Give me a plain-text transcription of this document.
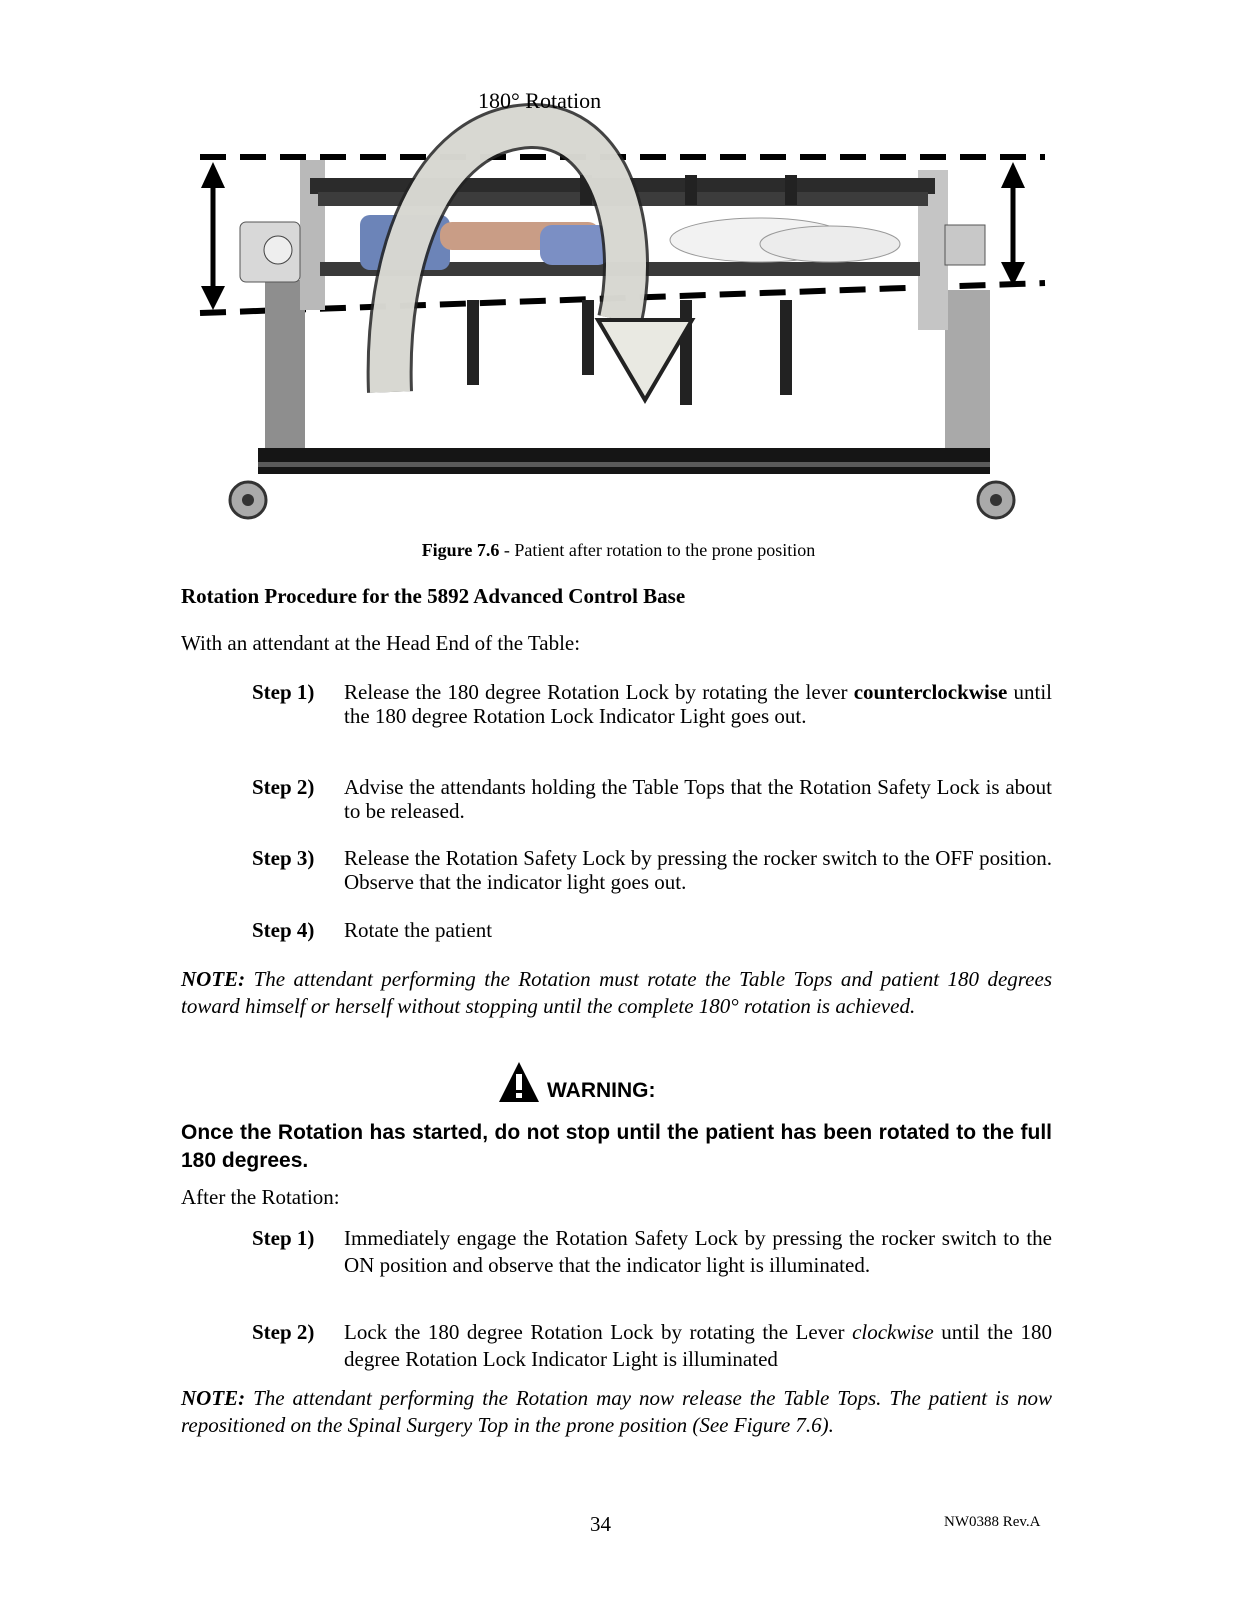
180° Rotation
Figure 7.6 - Patient after rotation to the prone position
Rotation Procedure for the 5892 Advanced Control Base
With an attendant at the Head End of the Table:
Step 1)	Release the 180 degree Rotation Lock by rotating the lever counterclockwise until the 180 degree Rotation Lock Indicator Light goes out.
Step 2)	Advise the attendants holding the Table Tops that the Rotation Safety Lock is about to be released.
Step 3)	Release the Rotation Safety Lock by pressing the rocker switch to the OFF position. Observe that the indicator light goes out.
Step 4)	Rotate the patient
NOTE: The attendant performing the Rotation must rotate the Table Tops and patient 180 degrees toward himself or herself without stopping until the complete 180° rotation is achieved.
WARNING:
Once the Rotation has started, do not stop until the patient has been rotated to the full 180 degrees.
After the Rotation:
Step 1)	Immediately engage the Rotation Safety Lock by pressing the rocker switch to the ON position and observe that the indicator light is illuminated.
Step 2)	Lock the 180 degree Rotation Lock by rotating the Lever clockwise until the 180 degree Rotation Lock Indicator Light is illuminated
NOTE: The attendant performing the Rotation may now release the Table Tops. The patient is now repositioned on the Spinal Surgery Top in the prone position (See Figure 7.6).
34	NW0388 Rev.A
